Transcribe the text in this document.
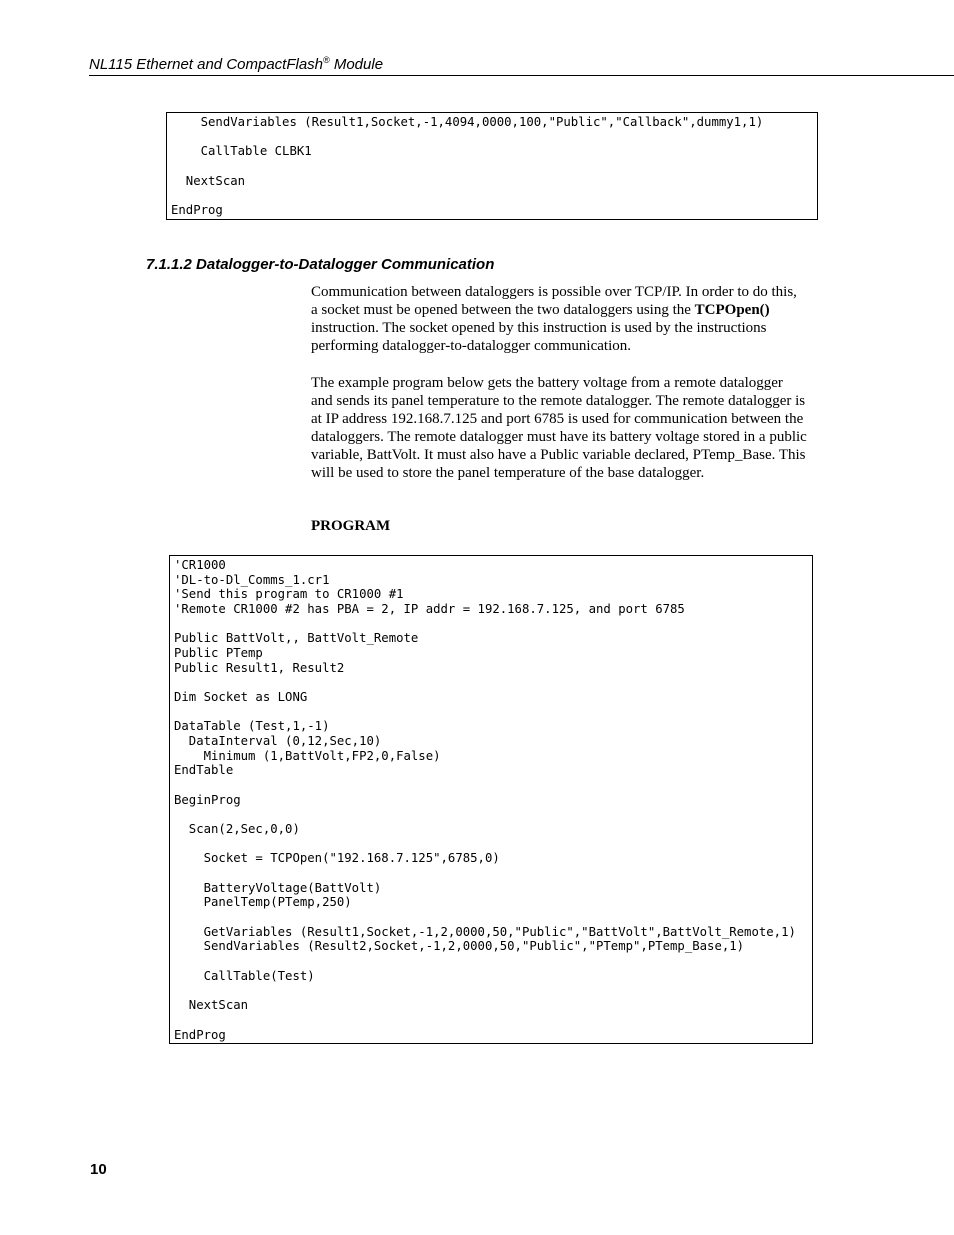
NL115 Ethernet and CompactFlash® Module
SendVariables (Result1,Socket,-1,4094,0000,100,"Public","Callback",dummy1,1)

CallTable CLBK1

NextScan

EndProg
7.1.1.2 Datalogger-to-Datalogger Communication

Communication between dataloggers is possible over TCP/IP. In order to do this, a socket must be opened between the two dataloggers using the TCPOpen() instruction. The socket opened by this instruction is used by the instructions performing datalogger-to-datalogger communication.

The example program below gets the battery voltage from a remote datalogger and sends its panel temperature to the remote datalogger. The remote datalogger is at IP address 192.168.7.125 and port 6785 is used for communication between the dataloggers. The remote datalogger must have its battery voltage stored in a public variable, BattVolt. It must also have a Public variable declared, PTemp_Base. This will be used to store the panel temperature of the base datalogger.

PROGRAM
'CR1000
'DL-to-Dl_Comms_1.cr1
'Send this program to CR1000 #1
'Remote CR1000 #2 has PBA = 2, IP addr = 192.168.7.125, and port 6785

Public BattVolt,, BattVolt_Remote
Public PTemp
Public Result1, Result2

Dim Socket as LONG

DataTable (Test,1,-1)
DataInterval (0,12,Sec,10)
Minimum (1,BattVolt,FP2,0,False)
EndTable

BeginProg

Scan(2,Sec,0,0)

Socket = TCPOpen("192.168.7.125",6785,0)

BatteryVoltage(BattVolt)
PanelTemp(PTemp,250)

GetVariables (Result1,Socket,-1,2,0000,50,"Public","BattVolt",BattVolt_Remote,1)
SendVariables (Result2,Socket,-1,2,0000,50,"Public","PTemp",PTemp_Base,1)

CallTable(Test)

NextScan

EndProg
10
